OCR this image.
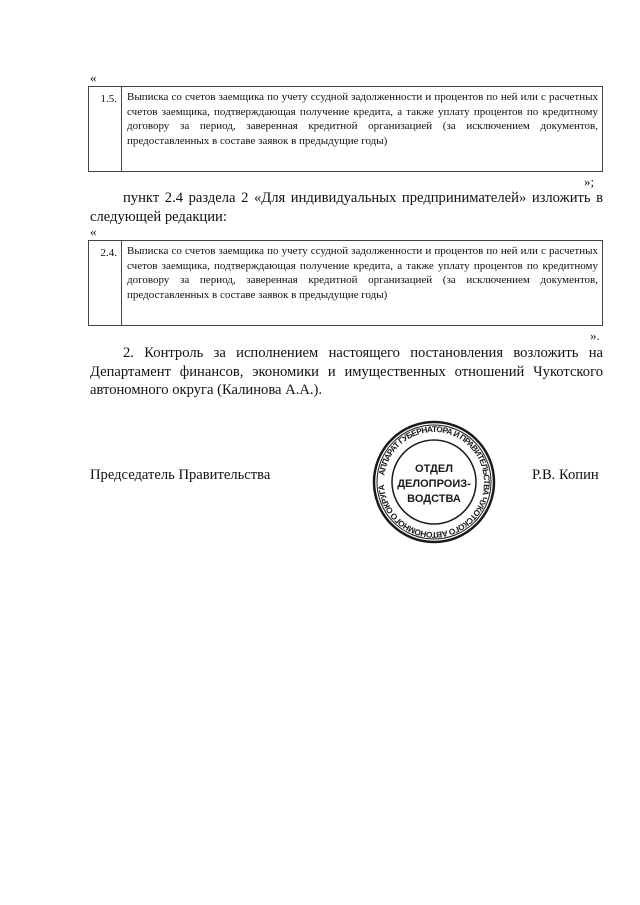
«
1.5. Выписка со счетов заемщика по учету ссудной задолженности и процентов по ней или с расчетных счетов заемщика, подтверждающая получение кредита, а также уплату процентов по кредитному договору за период, заверенная кредитной организацией (за исключением документов, предоставленных в составе заявок в предыдущие годы)
»;
пункт 2.4 раздела 2 «Для индивидуальных предпринимателей» изложить в следующей редакции:
«
2.4. Выписка со счетов заемщика по учету ссудной задолженности и процентов по ней или с расчетных счетов заемщика, подтверждающая получение кредита, а также уплату процентов по кредитному договору за период, заверенная кредитной организацией (за исключением документов, предоставленных в составе заявок в предыдущие годы)
».
2. Контроль за исполнением настоящего постановления возложить на Департамент финансов, экономики и имущественных отношений Чукотского автономного округа (Калинова А.А.).
Председатель Правительства	Р.В. Копин
АППАРАТ ГУБЕРНАТОРА И ПРАВИТЕЛЬСТВА ЧУКОТСКОГО АВТОНОМНОГО ОКРУГА
ОТДЕЛ
ДЕЛОПРОИЗ-
ВОДСТВА
